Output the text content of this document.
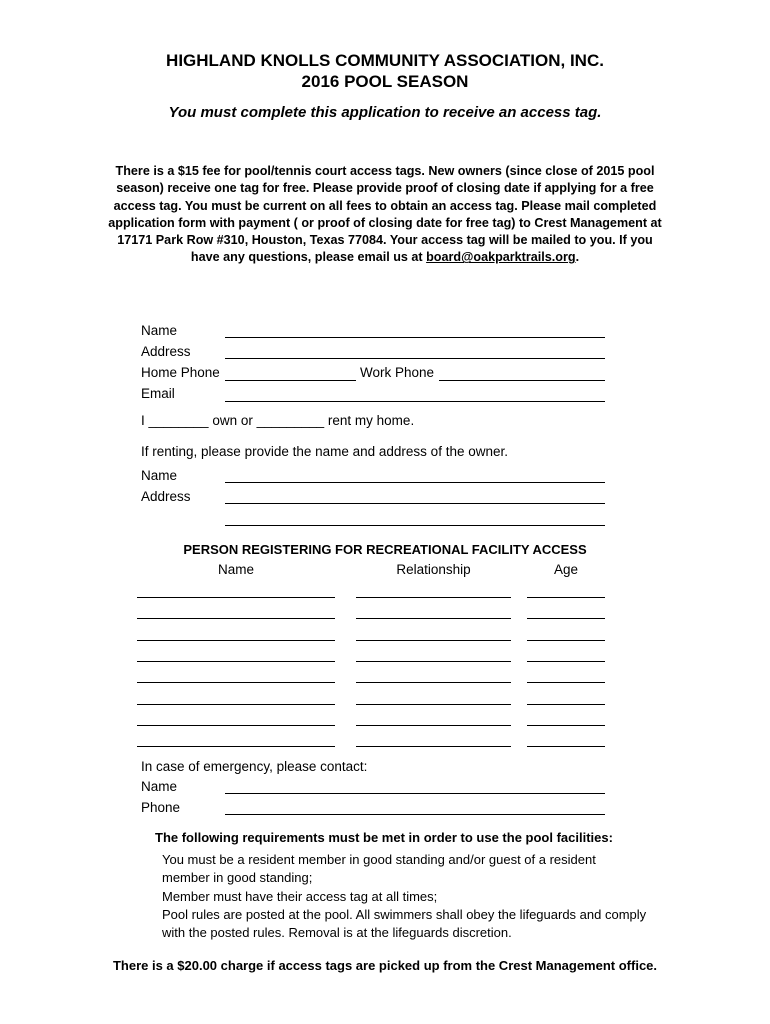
HIGHLAND KNOLLS COMMUNITY ASSOCIATION, INC.
2016 POOL SEASON
You must complete this application to receive an access tag.
There is a $15 fee for pool/tennis court access tags. New owners (since close of 2015 pool season) receive one tag for free. Please provide proof of closing date if applying for a free access tag. You must be current on all fees to obtain an access tag. Please mail completed application form with payment ( or proof of closing date for free tag) to Crest Management at 17171 Park Row #310, Houston, Texas 77084. Your access tag will be mailed to you. If you have any questions, please email us at board@oakparktrails.org.
Name
Address
Home Phone	Work Phone
Email
I ________ own or _________ rent my home.
If renting, please provide the name and address of the owner.
Name
Address
PERSON REGISTERING FOR RECREATIONAL FACILITY ACCESS
Name	Relationship	Age
In case of emergency, please contact:
Name
Phone
The following requirements must be met in order to use the pool facilities:
You must be a resident member in good standing and/or guest of a resident
member in good standing;
Member must have their access tag at all times;
Pool rules are posted at the pool. All swimmers shall obey the lifeguards and comply
with the posted rules. Removal is at the lifeguards discretion.
There is a $20.00 charge if access tags are picked up from the Crest Management office.
